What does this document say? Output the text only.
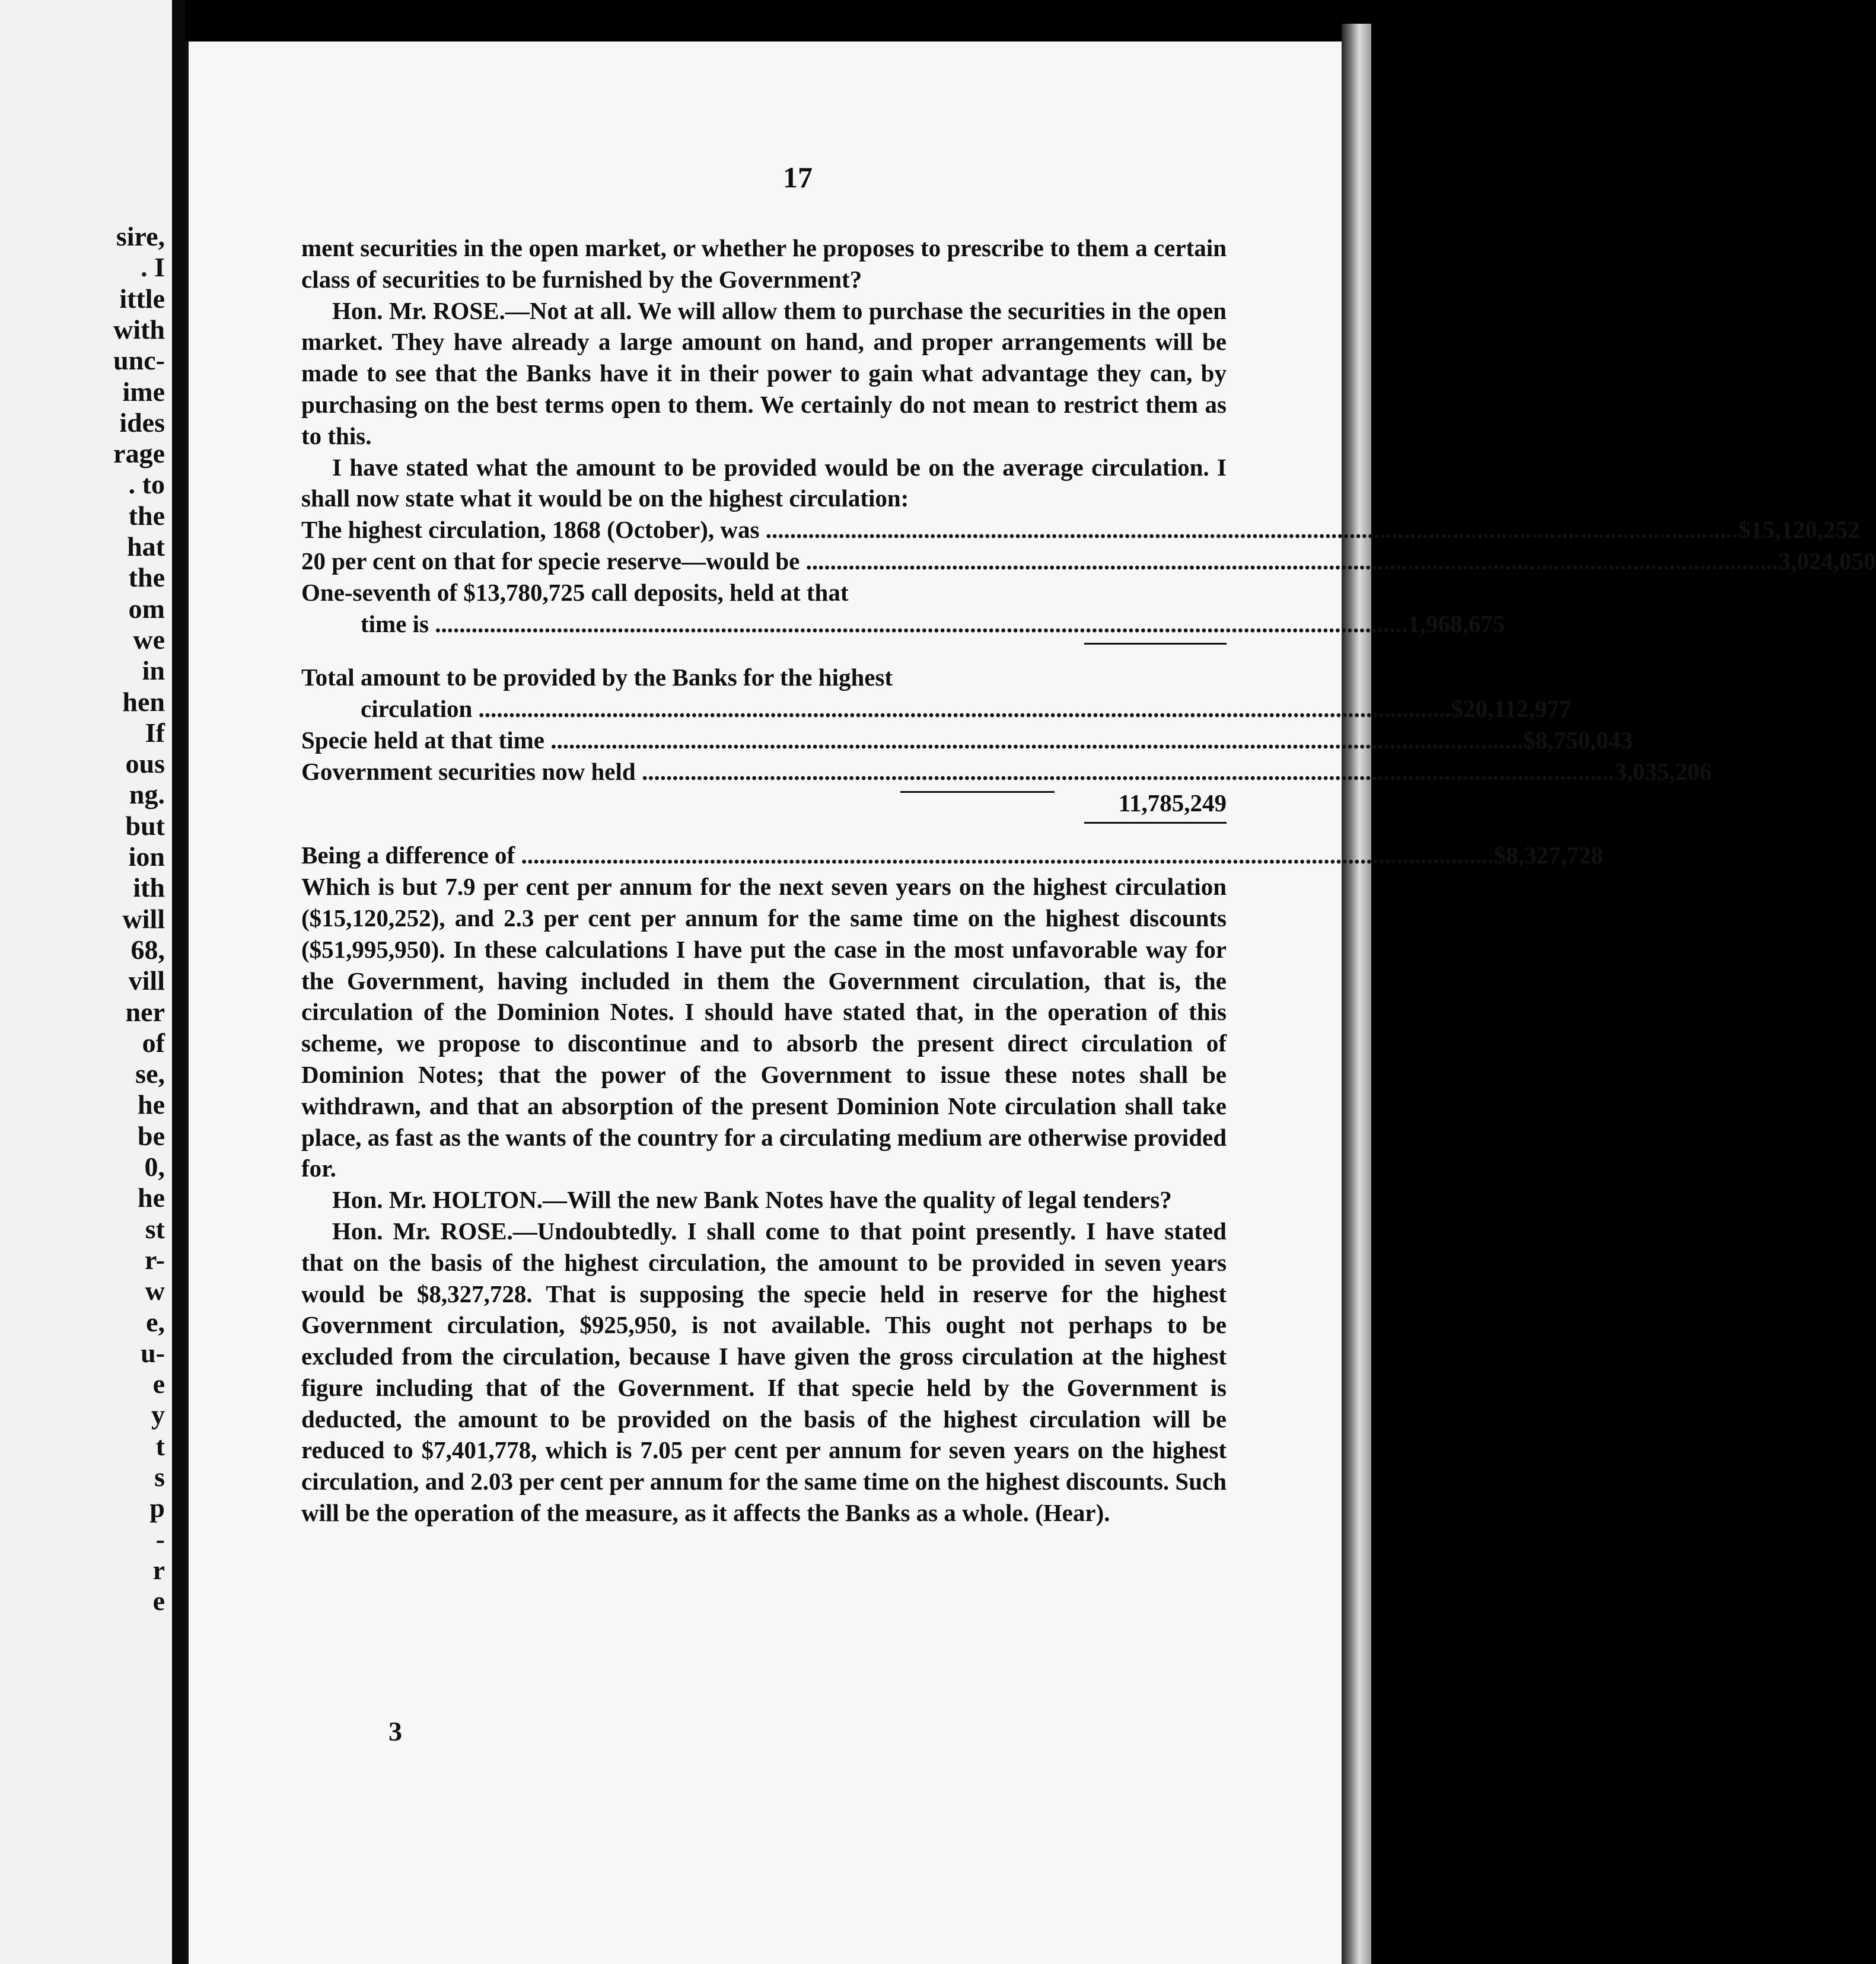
sire,
. I
ittle
with
unc-
ime
ides
rage
. to
the
hat
the
om
we
in
hen
If
ous
ng.
but
ion
ith
will
68,
vill
ner
of
se,
he
be
0,
he
st
r-
w
e,
u-
e
y
t
s
p
-
r
e
17

ment securities in the open market, or whether he proposes to prescribe to them a certain class of securities to be furnished by the Government?

Hon. Mr. ROSE.—Not at all. We will allow them to purchase the securities in the open market. They have already a large amount on hand, and proper arrangements will be made to see that the Banks have it in their power to gain what advantage they can, by purchasing on the best terms open to them. We certainly do not mean to restrict them as to this.

I have stated what the amount to be provided would be on the average circulation. I shall now state what it would be on the highest circulation:

The highest circulation, 1868 (October), was ................................................................................................................................................................ $15,120,252
20 per cent on that for specie reserve—would be ................................................................................................................................................................ 3,024,050
One-seventh of $13,780,725 call deposits, held at that
time is ................................................................................................................................................................ 1,968,675
Total amount to be provided by the Banks for the highest
circulation ................................................................................................................................................................ $20,112,977
Specie held at that time ................................................................................................................................................................ $8,750,043
Government securities now held ................................................................................................................................................................ 3,035,206
11,785,249
Being a difference of ................................................................................................................................................................ $8,327,728

Which is but 7.9 per cent per annum for the next seven years on the highest circulation ($15,120,252), and 2.3 per cent per annum for the same time on the highest discounts ($51,995,950). In these calculations I have put the case in the most unfavorable way for the Government, having included in them the Government circulation, that is, the circulation of the Dominion Notes. I should have stated that, in the operation of this scheme, we propose to discontinue and to absorb the present direct circulation of Dominion Notes; that the power of the Government to issue these notes shall be withdrawn, and that an absorption of the present Dominion Note circulation shall take place, as fast as the wants of the country for a circulating medium are otherwise provided for.

Hon. Mr. HOLTON.—Will the new Bank Notes have the quality of legal tenders?

Hon. Mr. ROSE.—Undoubtedly. I shall come to that point presently. I have stated that on the basis of the highest circulation, the amount to be provided in seven years would be $8,327,728. That is supposing the specie held in reserve for the highest Government circulation, $925,950, is not available. This ought not perhaps to be excluded from the circulation, because I have given the gross circulation at the highest figure including that of the Government. If that specie held by the Government is deducted, the amount to be provided on the basis of the highest circulation will be reduced to $7,401,778, which is 7.05 per cent per annum for seven years on the highest circulation, and 2.03 per cent per annum for the same time on the highest discounts. Such will be the operation of the measure, as it affects the Banks as a whole. (Hear).

3
